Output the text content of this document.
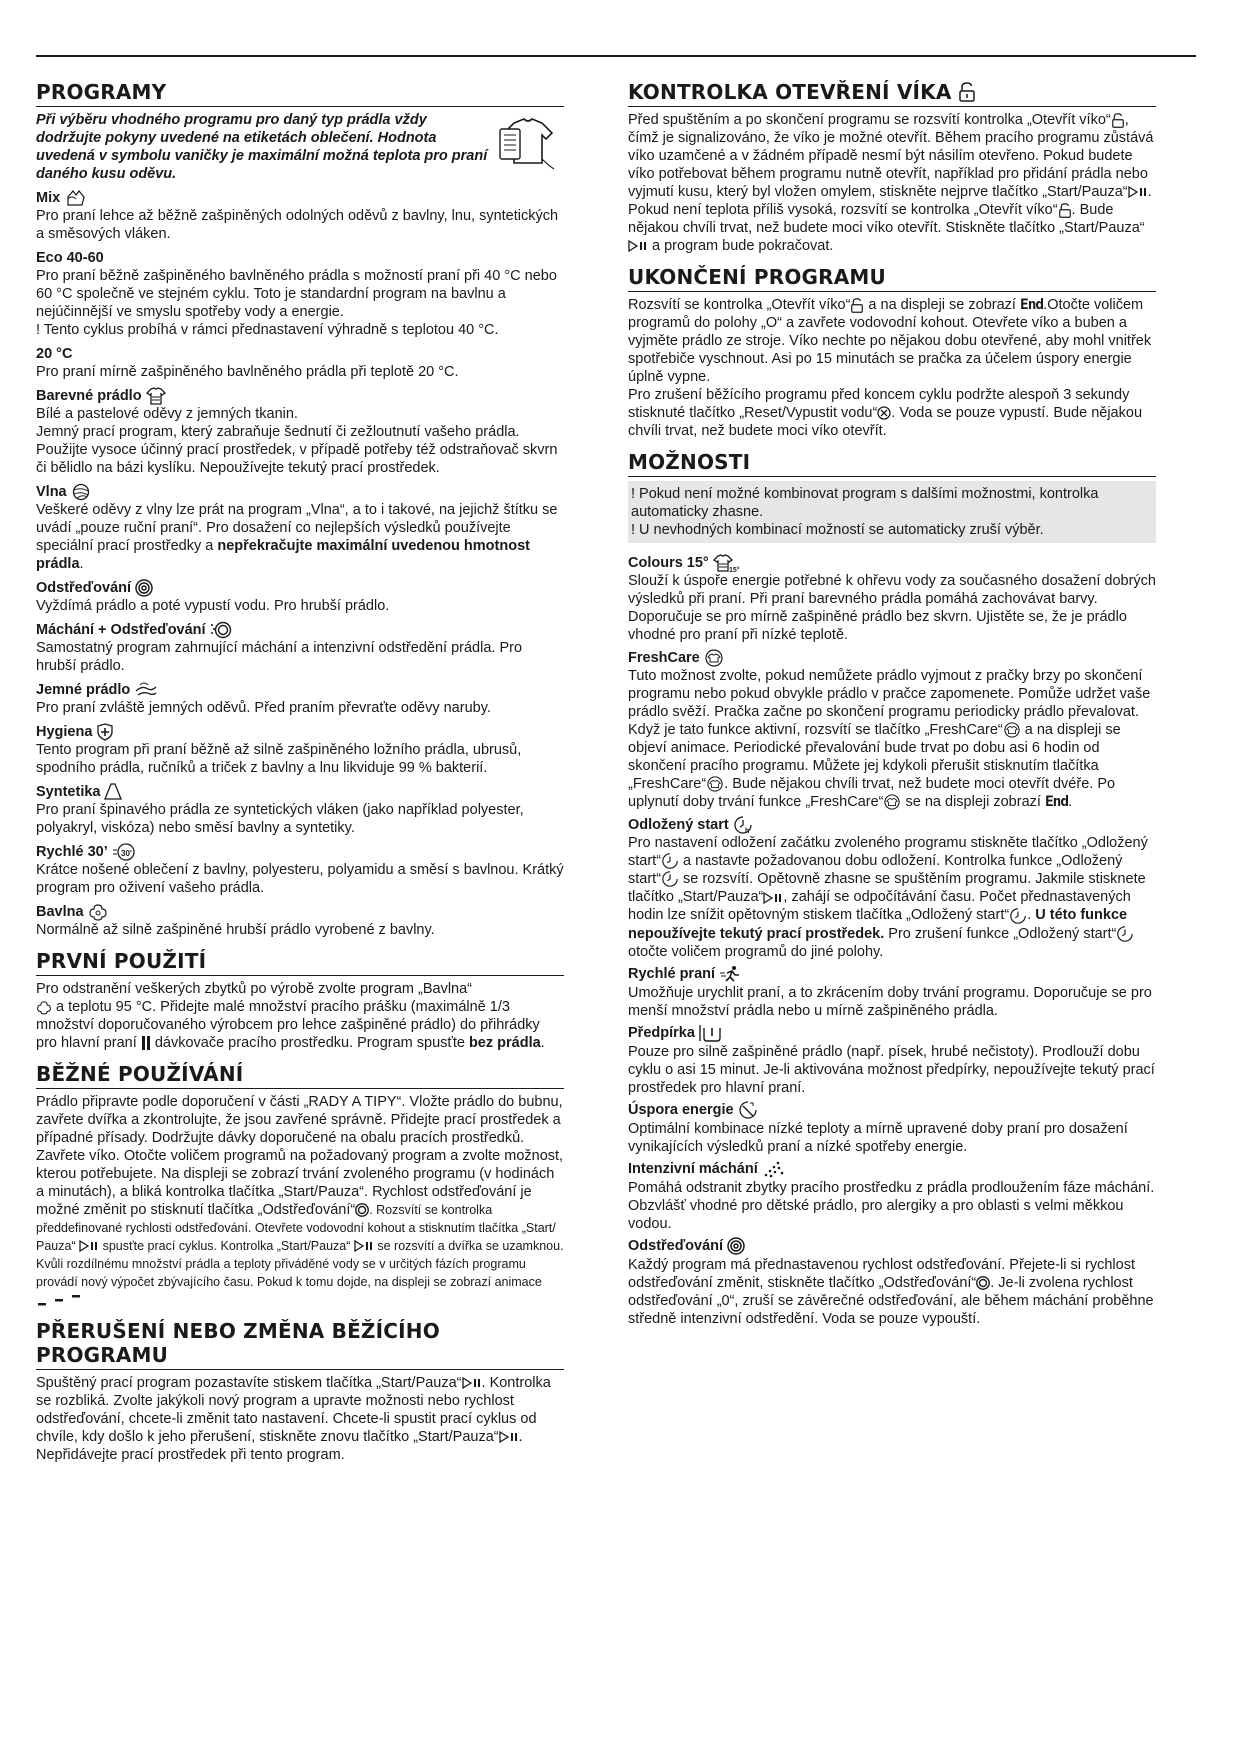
PROGRAMY

Při výběru vhodného programu pro daný typ prádla vždy dodržujte pokyny uvedené na etiketách oblečení. Hodnota uvedená v symbolu vaničky je maximální možná teplota pro praní daného kusu oděvu.

Mix

Pro praní lehce až běžně zašpiněných odolných oděvů z bavlny, lnu, syntetických a směsových vláken.

Eco 40-60

Pro praní běžně zašpiněného bavlněného prádla s možností praní při 40 °C nebo 60 °C společně ve stejném cyklu. Toto je standardní program na bavlnu a nejúčinnější ve smyslu spotřeby vody a energie.

! Tento cyklus probíhá v rámci přednastavení výhradně s teplotou 40 °C.

20 °C

Pro praní mírně zašpiněného bavlněného prádla při teplotě 20 °C.

Barevné prádlo

Bílé a pastelové oděvy z jemných tkanin.

Jemný prací program, který zabraňuje šednutí či zežloutnutí vašeho prádla. Použijte vysoce účinný prací prostředek, v případě potřeby též odstraňovač skvrn či bělidlo na bázi kyslíku. Nepoužívejte tekutý prací prostředek.

Vlna

Veškeré oděvy z vlny lze prát na program „Vlna“, a to i takové, na jejichž štítku se uvádí „pouze ruční praní“. Pro dosažení co nejlepších výsledků používejte speciální prací prostředky a nepřekračujte maximální uvedenou hmotnost prádla.

Odstřeďování

Vyždímá prádlo a poté vypustí vodu. Pro hrubší prádlo.

Máchání + Odstřeďování

Samostatný program zahrnující máchání a intenzivní odstředění prádla. Pro hrubší prádlo.

Jemné prádlo

Pro praní zvláště jemných oděvů. Před praním převraťte oděvy naruby.

Hygiena

Tento program při praní běžně až silně zašpiněného ložního prádla, ubrusů, spodního prádla, ručníků a triček z bavlny a lnu likviduje 99 % bakterií.

Syntetika

Pro praní špinavého prádla ze syntetických vláken (jako například polyester, polyakryl, viskóza) nebo směsí bavlny a syntetiky.

Rychlé 30’ 30'

Krátce nošené oblečení z bavlny, polyesteru, polyamidu a směsí s bavlnou. Krátký program pro oživení vašeho prádla.

Bavlna

Normálně až silně zašpiněné hrubší prádlo vyrobené z bavlny.

PRVNÍ POUŽITÍ

Pro odstranění veškerých zbytků po výrobě zvolte program „Bavlna“

a teplotu 95 °C. Přidejte malé množství pracího prášku (maximálně 1/3 množství doporučovaného výrobcem pro lehce zašpiněné prádlo) do přihrádky pro hlavní praní
dávkovače pracího prostředku. Program spusťte bez prádla.

BĚŽNÉ POUŽÍVÁNÍ

Prádlo připravte podle doporučení v části „RADY A TIPY“. Vložte prádlo do bubnu, zavřete dvířka a zkontrolujte, že jsou zavřené správně. Přidejte prací prostředek a případné přísady. Dodržujte dávky doporučené na obalu pracích prostředků. Zavřete víko. Otočte voličem programů na požadovaný program a zvolte možnost, kterou potřebujete. Na displeji se zobrazí trvání zvoleného programu (v hodinách a minutách), a bliká kontrolka tlačítka „Start/Pauza“. Rychlost odstřeďování je možné změnit po stisknutí tlačítka „Odstřeďování“ . Rozsvítí se kontrolka předdefinované rychlosti odstřeďování. Otevřete vodovodní kohout a stisknutím tlačítka „Start/ Pauza“
spusťte prací cyklus. Kontrolka „Start/Pauza“
se rozsvítí a dvířka se uzamknou. Kvůli rozdílnému množství prádla a teploty přiváděné vody se v určitých fázích programu provádí nový výpočet zbývajícího času. Pokud k tomu dojde, na displeji se zobrazí animace

PŘERUŠENÍ NEBO ZMĚNA BĚŽÍCÍHO PROGRAMU

Spuštěný prací program pozastavíte stiskem tlačítka „Start/Pauza“ . Kontrolka se rozbliká. Zvolte jakýkoli nový program a upravte možnosti nebo rychlost odstřeďování, chcete-li změnit tato nastavení. Chcete-li spustit prací cyklus od chvíle, kdy došlo k jeho přerušení, stiskněte znovu tlačítko „Start/Pauza“ . Nepřidávejte prací prostředek při tento program.

KONTROLKA OTEVŘENÍ VÍKA

Před spuštěním a po skončení programu se rozsvítí kontrolka „Otevřít víko“ , čímž je signalizováno, že víko je možné otevřít. Během pracího programu zůstává víko uzamčené a v žádném případě nesmí být násilím otevřeno. Pokud budete víko potřebovat během programu nutně otevřít, například pro přidání prádla nebo vyjmutí kusu, který byl vložen omylem, stiskněte nejprve tlačítko „Start/Pauza“ . Pokud není teplota příliš vysoká, rozsvítí se kontrolka „Otevřít víko“ . Bude nějakou chvíli trvat, než budete moci víko otevřít. Stiskněte tlačítko „Start/Pauza“
a program bude pokračovat.

UKONČENÍ PROGRAMU

Rozsvítí se kontrolka „Otevřít víko“
a na displeji se zobrazí End.Otočte voličem programů do polohy „O“ a zavřete vodovodní kohout. Otevřete víko a buben a vyjměte prádlo ze stroje. Víko nechte po nějakou dobu otevřené, aby mohl vnitřek spotřebiče vyschnout. Asi po 15 minutách se pračka za účelem úspory energie úplně vypne.
Pro zrušení běžícího programu před koncem cyklu podržte alespoň 3 sekundy stisknuté tlačítko „Reset/Vypustit vodu“ . Voda se pouze vypustí. Bude nějakou chvíli trvat, než budete moci víko otevřít.

MOŽNOSTI

! Pokud není možné kombinovat program s dalšími možnostmi, kontrolka automaticky zhasne.

! U nevhodných kombinací možností se automaticky zruší výběr.

Colours 15°	15°

Slouží k úspoře energie potřebné k ohřevu vody za současného dosažení dobrých výsledků při praní. Při praní barevného prádla pomáhá zachovávat barvy. Doporučuje se pro mírně zašpiněné prádlo bez skvrn. Ujistěte se, že je prádlo vhodné pro praní při nízké teplotě.

FreshCare

Tuto možnost zvolte, pokud nemůžete prádlo vyjmout z pračky brzy po skončení programu nebo pokud obvykle prádlo v pračce zapomenete. Pomůže udržet vaše prádlo svěží. Pračka začne po skončení programu periodicky prádlo převalovat. Když je tato funkce aktivní, rozsvítí se tlačítko „FreshCare“
a na displeji se objeví animace. Periodické převalování bude trvat po dobu asi 6 hodin od skončení pracího programu. Můžete jej kdykoli přerušit stisknutím tlačítka „FreshCare“ . Bude nějakou chvíli trvat, než budete moci otevřít dvéře. Po uplynutí doby trvání funkce „FreshCare“
se na displeji zobrazí End.

Odložený start h

Pro nastavení odložení začátku zvoleného programu stiskněte tlačítko „Odložený start“
a nastavte požadovanou dobu odložení. Kontrolka funkce „Odložený start“
se rozsvítí. Opětovně zhasne se spuštěním programu. Jakmile stisknete tlačítko „Start/Pauza“ , zahájí se odpočítávání času. Počet přednastavených hodin lze snížit opětovným stiskem tlačítka „Odložený start“ . U této funkce nepoužívejte tekutý prací prostředek. Pro zrušení funkce „Odložený start“
otočte voličem programů do jiné polohy.

Rychlé praní

Umožňuje urychlit praní, a to zkrácením doby trvání programu. Doporučuje se pro menší množství prádla nebo u mírně zašpiněného prádla.

Předpírka

Pouze pro silně zašpiněné prádlo (např. písek, hrubé nečistoty). Prodlouží dobu cyklu o asi 15 minut. Je-li aktivována možnost předpírky, nepoužívejte tekutý prací prostředek pro hlavní praní.

Úspora energie

Optimální kombinace nízké teploty a mírně upravené doby praní pro dosažení vynikajících výsledků praní a nízké spotřeby energie.

Intenzivní máchání

Pomáhá odstranit zbytky pracího prostředku z prádla prodloužením fáze máchání. Obzvlášť vhodné pro dětské prádlo, pro alergiky a pro oblasti s velmi měkkou vodou.

Odstřeďování

Každý program má přednastavenou rychlost odstřeďování. Přejete-li si rychlost odstřeďování změnit, stiskněte tlačítko „Odstřeďování“ . Je-li zvolena rychlost odstřeďování „0“, zruší se závěrečné odstřeďování, ale během máchání proběhne středně intenzivní odstředění. Voda se pouze vypouští.
